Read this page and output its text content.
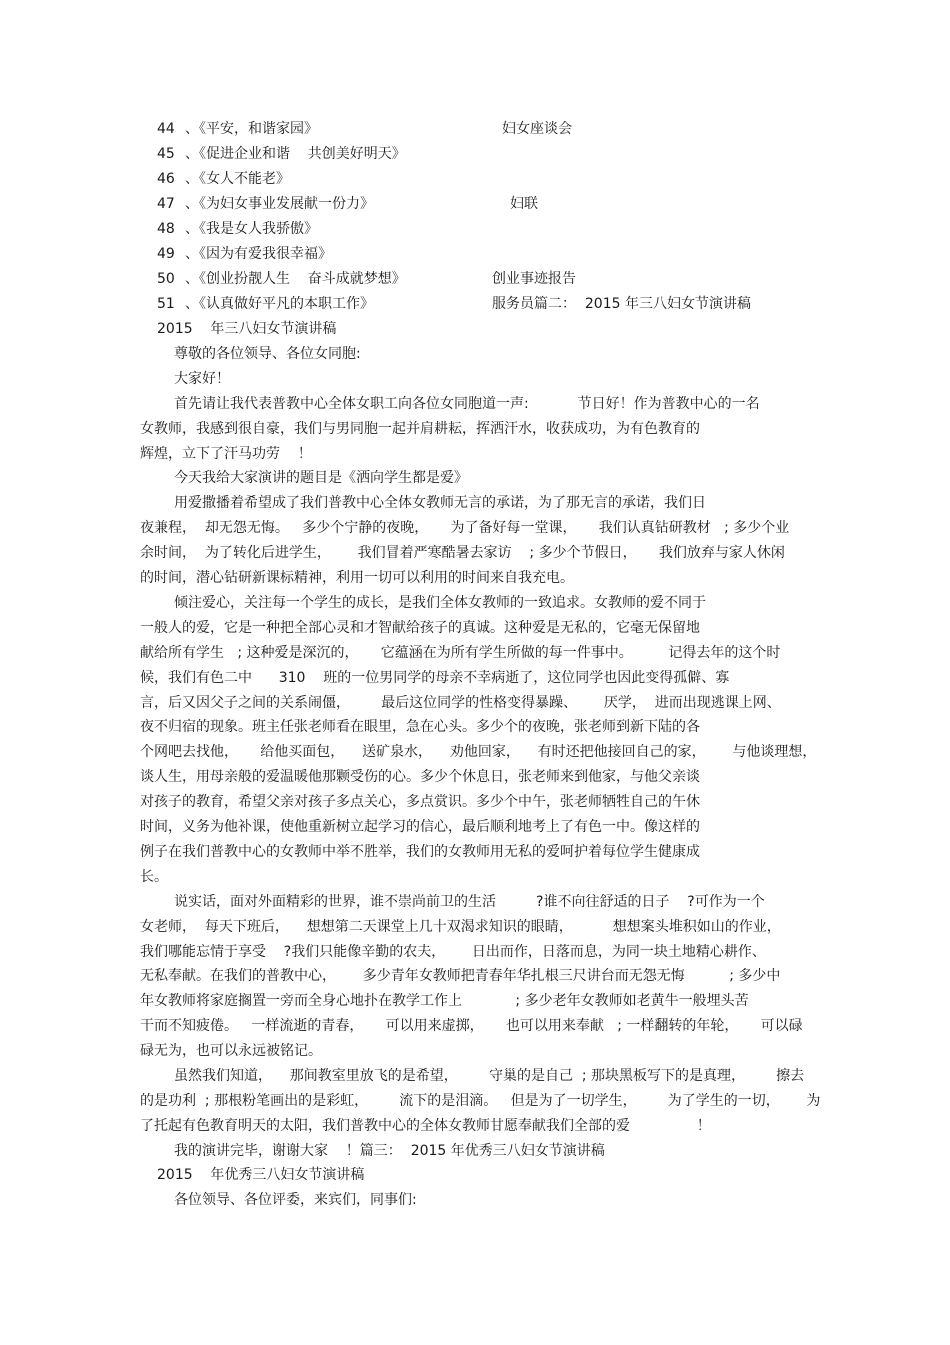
44 、《平安，和谐家园》	妇女座谈会
45 、《促进企业和谐    共创美好明天》
46 、《女人不能老》
47 、《为妇女事业发展献一份力》	妇联
48 、《我是女人我骄傲》
49 、《因为有爱我很幸福》
50 、《创业扮靓人生    奋斗成就梦想》	创业事迹报告
51 、《认真做好平凡的本职工作》	服务员篇二：  2015 年三八妇女节演讲稿
2015    年三八妇女节演讲稿
尊敬的各位领导、各位女同胞:
大家好！
首先请让我代表普教中心全体女职工向各位女同胞道一声:           节日好！作为普教中心的一名
女教师，我感到很自豪，我们与男同胞一起并肩耕耘，挥洒汗水，收获成功，为有色教育的
辉煌，立下了汗马功劳    ！
今天我给大家演讲的题目是《洒向学生都是爱》
用爱撒播着希望成了我们普教中心全体女教师无言的承诺，为了那无言的承诺，我们日
夜兼程，  却无怨无悔。   多少个宁静的夜晚，     为了备好每一堂课，     我们认真钻研教材   ; 多少个业
余时间，  为了转化后进学生，      我们冒着严寒酷暑去家访    ; 多少个节假日，     我们放弃与家人休闲
的时间，潜心钻研新课标精神，利用一切可以利用的时间来自我充电。
倾注爱心，关注每一个学生的成长，是我们全体女教师的一致追求。女教师的爱不同于
一般人的爱，它是一种把全部心灵和才智献给孩子的真诚。这种爱是无私的，它毫无保留地
献给所有学生   ; 这种爱是深沉的，     它蕴涵在为所有学生所做的每一件事中。        记得去年的这个时
候，我们有色二中      310    班的一位男同学的母亲不幸病逝了，这位同学也因此变得孤僻、寡
言，后又因父子之间的关系闹僵，       最后这位同学的性格变得暴躁、      厌学，  进而出现逃课上网、
夜不归宿的现象。班主任张老师看在眼里，急在心头。多少个的夜晚，张老师到新下陆的各
个网吧去找他，     给他买面包，    送矿泉水，    劝他回家，    有时还把他接回自己的家，      与他谈理想，
谈人生，用母亲般的爱温暖他那颗受伤的心。多少个休息日，张老师来到他家，与他父亲谈
对孩子的教育，希望父亲对孩子多点关心，多点赏识。多少个中午，张老师牺牲自己的午休
时间，义务为他补课，使他重新树立起学习的信心，最后顺利地考上了有色一中。像这样的
例子在我们普教中心的女教师中举不胜举，我们的女教师用无私的爱呵护着每位学生健康成
长。
说实话，面对外面精彩的世界，谁不崇尚前卫的生活         ?谁不向往舒适的日子    ?可作为一个
女老师，  每天下班后，    想想第二天课堂上几十双渴求知识的眼睛，         想想案头堆积如山的作业，
我们哪能忘情于享受    ?我们只能像辛勤的农夫，      日出而作，日落而息，为同一块土地精心耕作、
无私奉献。在我们的普教中心，      多少青年女教师把青春年华扎根三尺讲台而无怨无悔          ; 多少中
年女教师将家庭搁置一旁而全身心地扑在教学工作上            ; 多少老年女教师如老黄牛一般埋头苦
干而不知疲倦。   一样流逝的青春，     可以用来虚掷，     也可以用来奉献   ; 一样翻转的年轮，     可以碌
碌无为，也可以永远被铭记。
虽然我们知道，    那间教室里放飞的是希望，       守巢的是自己  ; 那块黑板写下的是真理，       擦去
的是功利  ; 那根粉笔画出的是彩虹，       流下的是泪滴。   但是为了一切学生，       为了学生的一切，      为
了托起有色教育明天的太阳，我们普教中心的全体女教师甘愿奉献我们全部的爱               ！
我的演讲完毕，谢谢大家    ！篇三：  2015 年优秀三八妇女节演讲稿
2015    年优秀三八妇女节演讲稿
各位领导、各位评委，来宾们，同事们:
